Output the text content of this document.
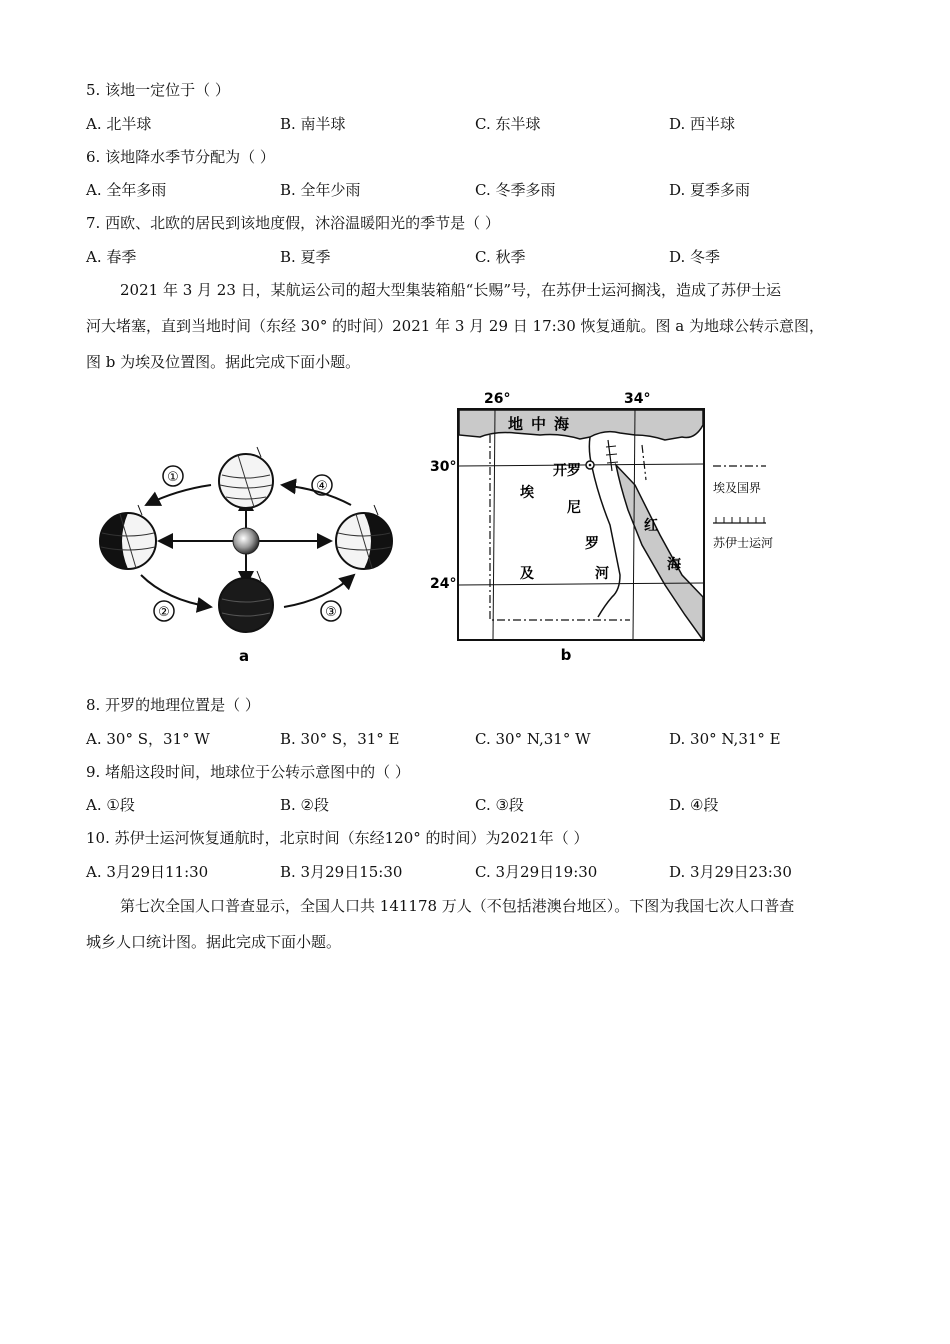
5. 该地一定位于（ ）
A. 北半球	B. 南半球	C. 东半球	D. 西半球
6. 该地降水季节分配为（ ）
A. 全年多雨	B. 全年少雨	C. 冬季多雨	D. 夏季多雨
7. 西欧、北欧的居民到该地度假，沐浴温暖阳光的季节是（ ）
A. 春季	B. 夏季	C. 秋季	D. 冬季
2021 年 3 月 23 日，某航运公司的超大型集装箱船“长赐”号，在苏伊士运河搁浅，造成了苏伊士运
河大堵塞，直到当地时间（东经 30° 的时间）2021 年 3 月 29 日 17:30 恢复通航。图 a 为地球公转示意图，
图 b 为埃及位置图。据此完成下面小题。
①
②	③
④
a
26°	34°
30°
24°
地中海
开罗
埃
及
尼
罗
河
红
海
埃及国界
苏伊士运河
b
8. 开罗的地理位置是（ ）
A. 30° S，31° W	B. 30° S，31° E	C. 30° N,31° W	D. 30° N,31° E
9. 堵船这段时间，地球位于公转示意图中的（ ）
A. ①段	B. ②段	C. ③段	D. ④段
10. 苏伊士运河恢复通航时，北京时间（东经120° 的时间）为2021年（ ）
A. 3月29日11:30	B. 3月29日15:30	C. 3月29日19:30	D. 3月29日23:30
第七次全国人口普查显示，全国人口共 141178 万人（不包括港澳台地区）。下图为我国七次人口普查
城乡人口统计图。据此完成下面小题。
